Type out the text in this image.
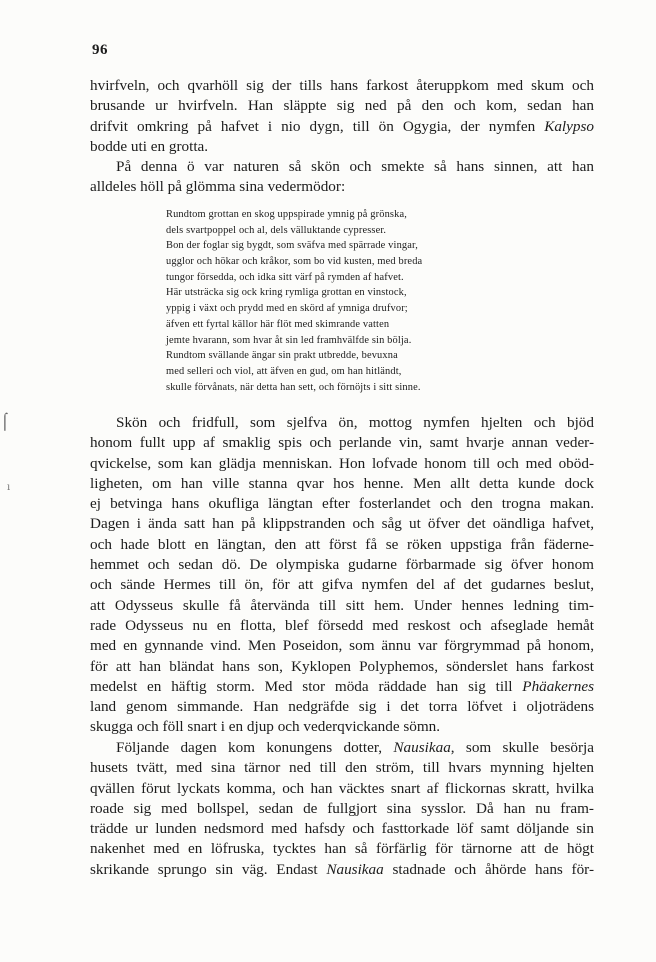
96
⌠
ı
hvirfveln, och qvarhöll sig der tills hans farkost återuppkom med skum och
brusande ur hvirfveln. Han släppte sig ned på den och kom, sedan han
drifvit omkring på hafvet i nio dygn, till ön Ogygia, der nymfen Kalypso
bodde uti en grotta.
På denna ö var naturen så skön och smekte så hans sinnen, att han
alldeles höll på glömma sina vedermödor:
Rundtom grottan en skog uppspirade ymnig på grönska,
dels svartpoppel och al, dels välluktande cypresser.
Bon der foglar sig bygdt, som sväfva med spärrade vingar,
ugglor och hökar och kråkor, som bo vid kusten, med breda
tungor försedda, och idka sitt värf på rymden af hafvet.
Här utsträcka sig ock kring rymliga grottan en vinstock,
yppig i växt och prydd med en skörd af ymniga drufvor;
äfven ett fyrtal källor här flöt med skimrande vatten
jemte hvarann, som hvar åt sin led framhvälfde sin bölja.
Rundtom svällande ängar sin prakt utbredde, bevuxna
med selleri och viol, att äfven en gud, om han hitländt,
skulle förvånats, när detta han sett, och förnöjts i sitt sinne.
Skön och fridfull, som sjelfva ön, mottog nymfen hjelten och bjöd
honom fullt upp af smaklig spis och perlande vin, samt hvarje annan veder-
qvickelse, som kan glädja menniskan. Hon lofvade honom till och med oböd-
ligheten, om han ville stanna qvar hos henne. Men allt detta kunde dock
ej betvinga hans okufliga längtan efter fosterlandet och den trogna makan.
Dagen i ända satt han på klippstranden och såg ut öfver det oändliga hafvet,
och hade blott en längtan, den att först få se röken uppstiga från fäderne-
hemmet och sedan dö. De olympiska gudarne förbarmade sig öfver honom
och sände Hermes till ön, för att gifva nymfen del af det gudarnes beslut,
att Odysseus skulle få återvända till sitt hem. Under hennes ledning tim-
rade Odysseus nu en flotta, blef försedd med reskost och afseglade hemåt
med en gynnande vind. Men Poseidon, som ännu var förgrymmad på honom,
för att han bländat hans son, Kyklopen Polyphemos, sönderslet hans farkost
medelst en häftig storm. Med stor möda räddade han sig till Phäakernes
land genom simmande. Han nedgräfde sig i det torra löfvet i oljoträdens
skugga och föll snart i en djup och vederqvickande sömn.
Följande dagen kom konungens dotter, Nausikaa, som skulle besörja
husets tvätt, med sina tärnor ned till den ström, till hvars mynning hjelten
qvällen förut lyckats komma, och han väcktes snart af flickornas skratt, hvilka
roade sig med bollspel, sedan de fullgjort sina sysslor. Då han nu fram-
trädde ur lunden nedsmord med hafsdy och fasttorkade löf samt döljande sin
nakenhet med en löfruska, tycktes han så förfärlig för tärnorne att de högt
skrikande sprungo sin väg. Endast Nausikaa stadnade och åhörde hans för-
